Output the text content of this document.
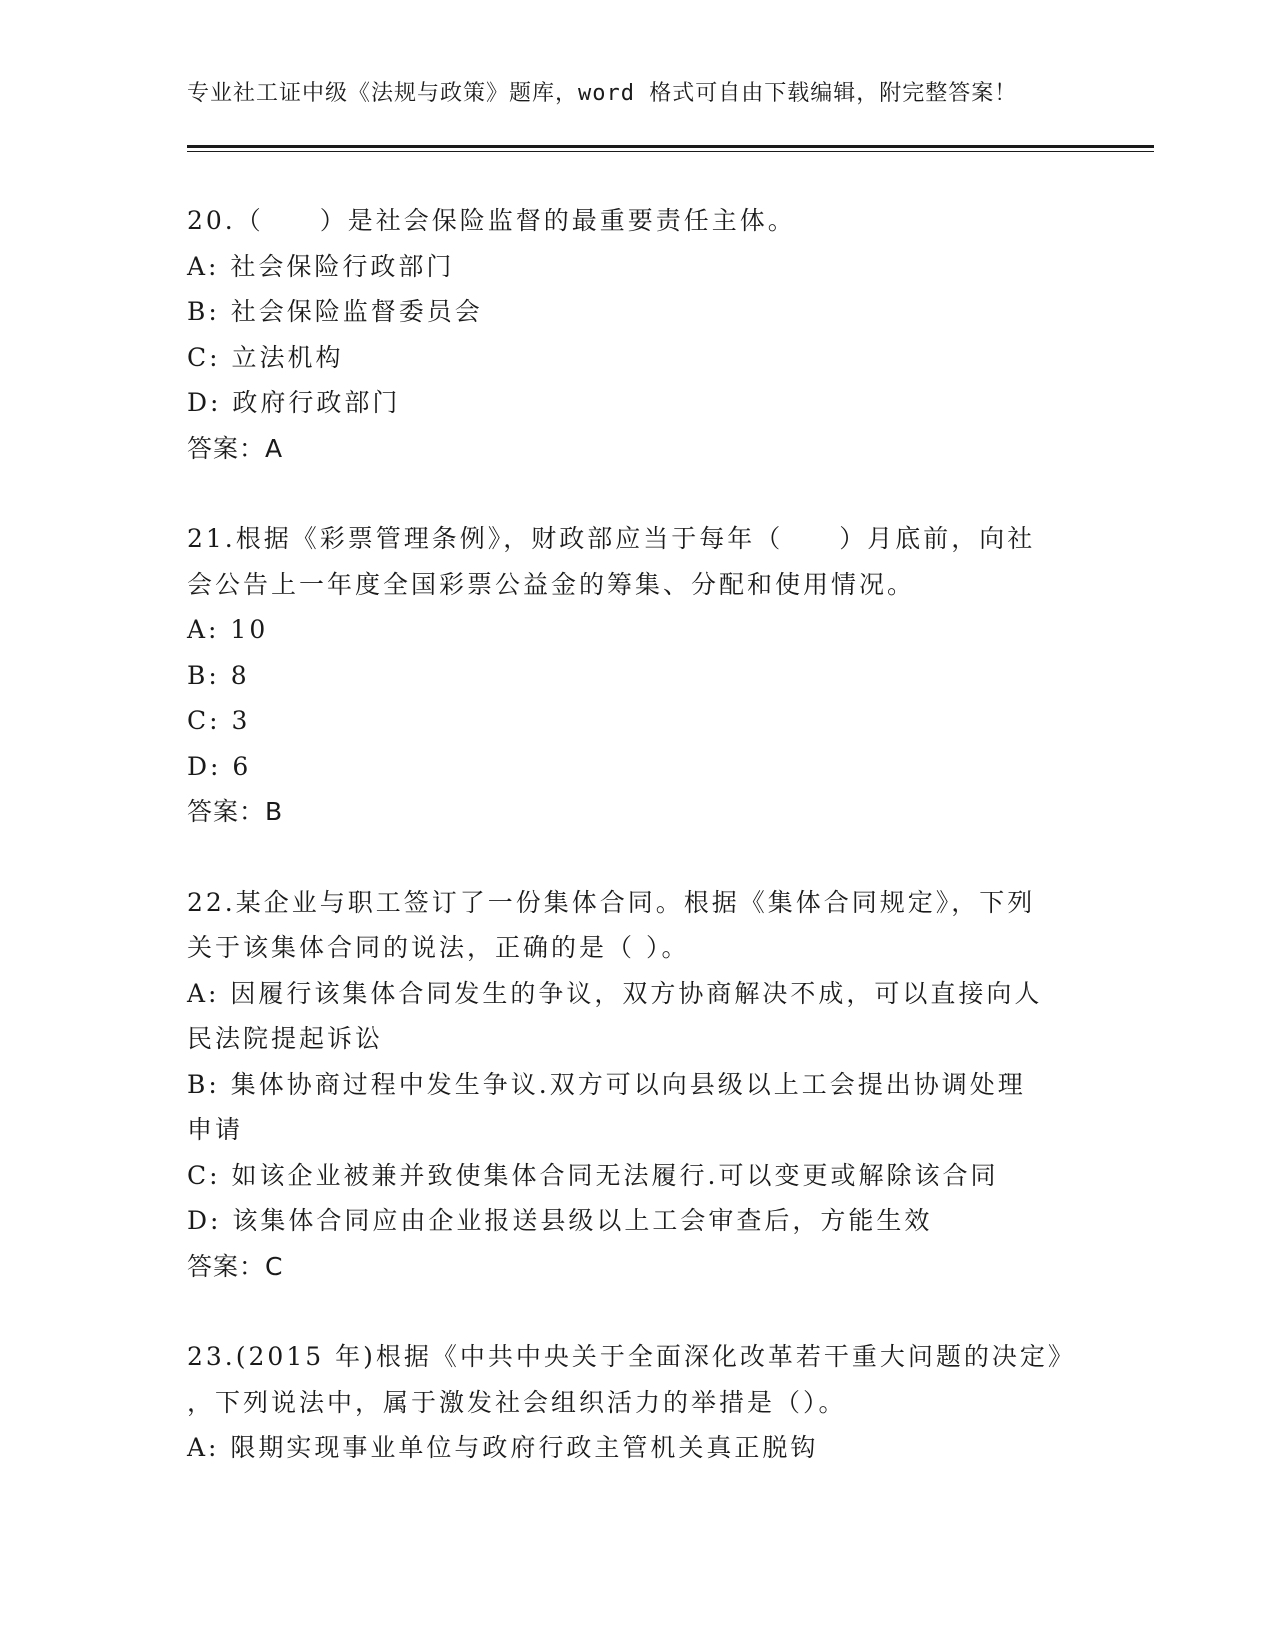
专业社工证中级《法规与政策》题库，word 格式可自由下载编辑，附完整答案！
20.（　　）是社会保险监督的最重要责任主体。
A: 社会保险行政部门
B: 社会保险监督委员会
C: 立法机构
D: 政府行政部门
答案：A
21.根据《彩票管理条例》，财政部应当于每年（　　）月底前，向社
会公告上一年度全国彩票公益金的筹集、分配和使用情况。
A: 10
B: 8
C: 3
D: 6
答案：B
22.某企业与职工签订了一份集体合同。根据《集体合同规定》，下列
关于该集体合同的说法，正确的是（ ）。
A: 因履行该集体合同发生的争议，双方协商解决不成，可以直接向人
民法院提起诉讼
B: 集体协商过程中发生争议.双方可以向县级以上工会提出协调处理
申请
C: 如该企业被兼并致使集体合同无法履行.可以变更或解除该合同
D: 该集体合同应由企业报送县级以上工会审查后，方能生效
答案：C
23.(2015 年)根据《中共中央关于全面深化改革若干重大问题的决定》
，下列说法中，属于激发社会组织活力的举措是（）。
A: 限期实现事业单位与政府行政主管机关真正脱钩
